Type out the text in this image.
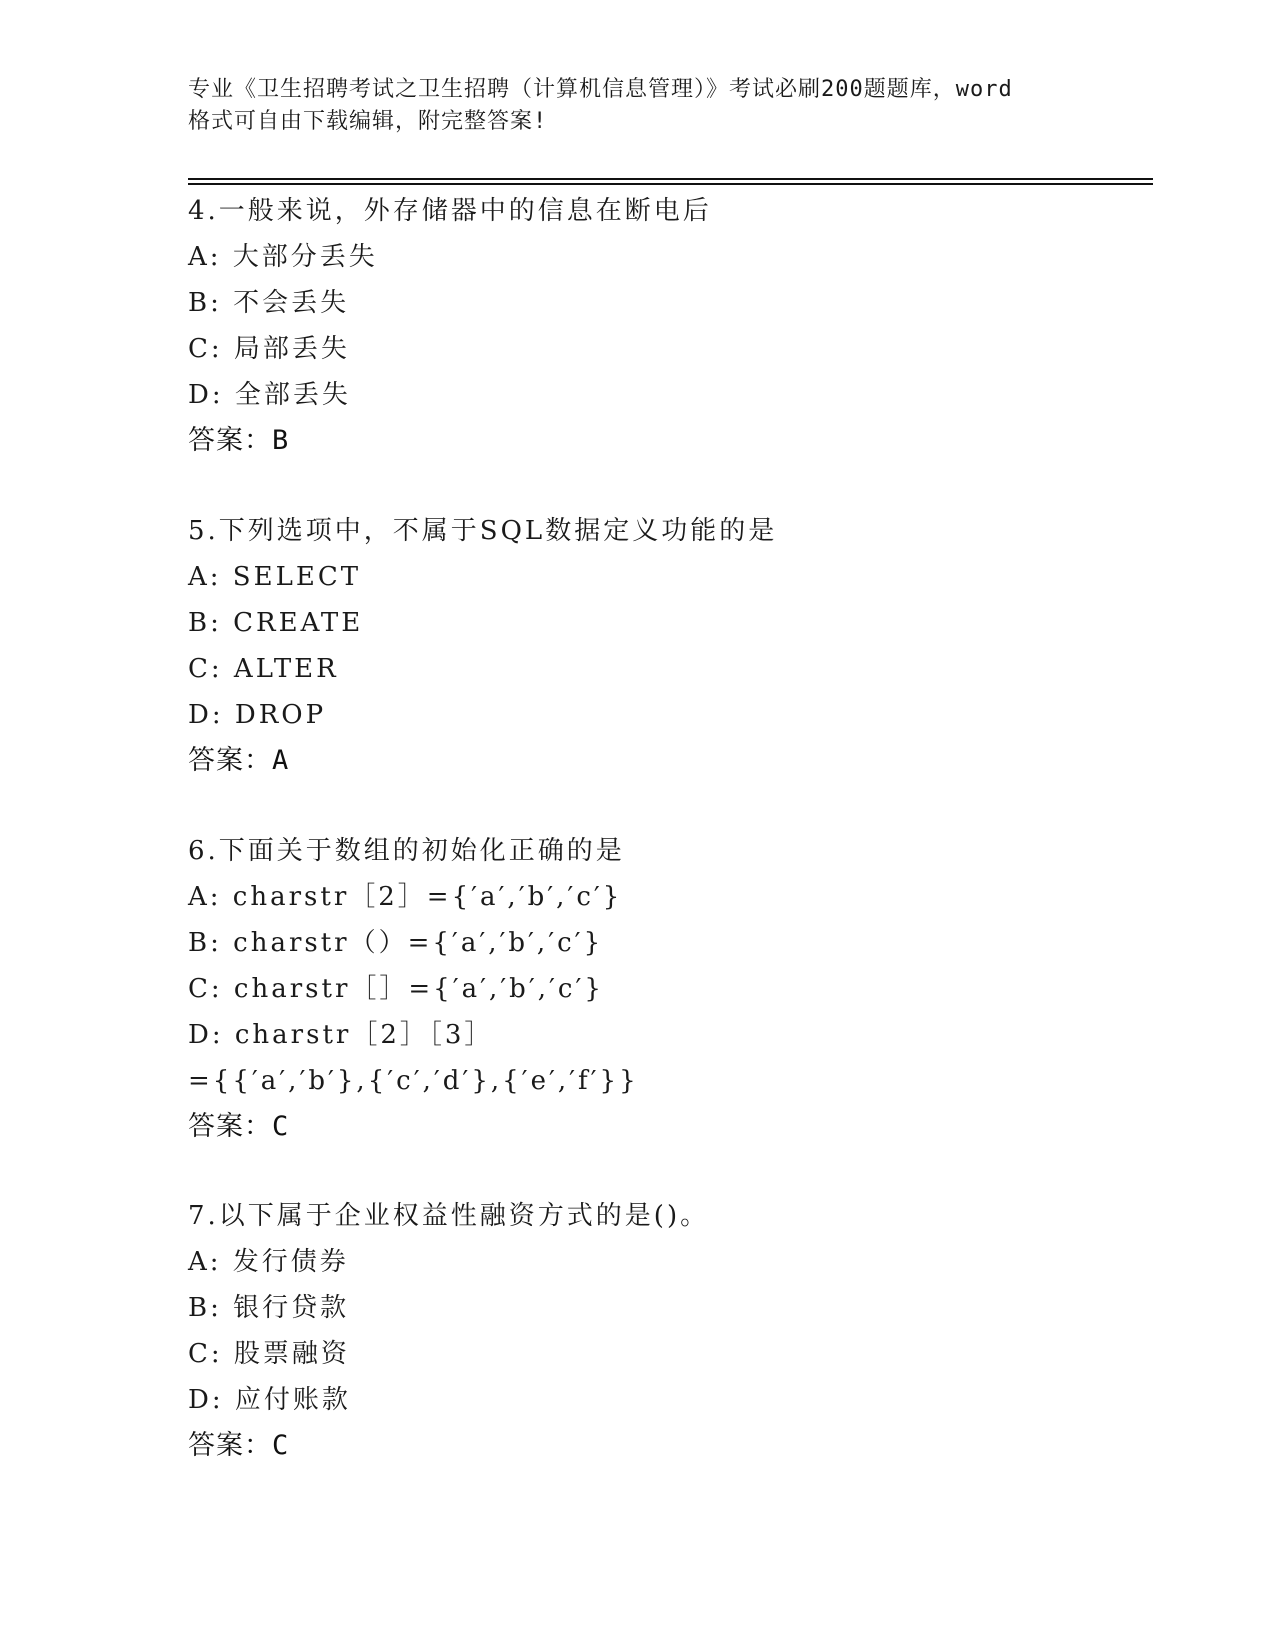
专业《卫生招聘考试之卫生招聘（计算机信息管理）》考试必刷200题题库，word
格式可自由下载编辑，附完整答案!
4.一般来说，外存储器中的信息在断电后
A: 大部分丢失
B: 不会丢失
C: 局部丢失
D: 全部丢失
答案：B
5.下列选项中，不属于SQL数据定义功能的是
A: SELECT
B: CREATE
C: ALTER
D: DROP
答案：A
6.下面关于数组的初始化正确的是
A: charstr［2］={′a′,′b′,′c′}
B: charstr（）={′a′,′b′,′c′}
C: charstr［］={′a′,′b′,′c′}
D: charstr［2］［3］
={{′a′,′b′},{′c′,′d′},{′e′,′f′}}
答案：C
7.以下属于企业权益性融资方式的是()。
A: 发行债券
B: 银行贷款
C: 股票融资
D: 应付账款
答案：C
